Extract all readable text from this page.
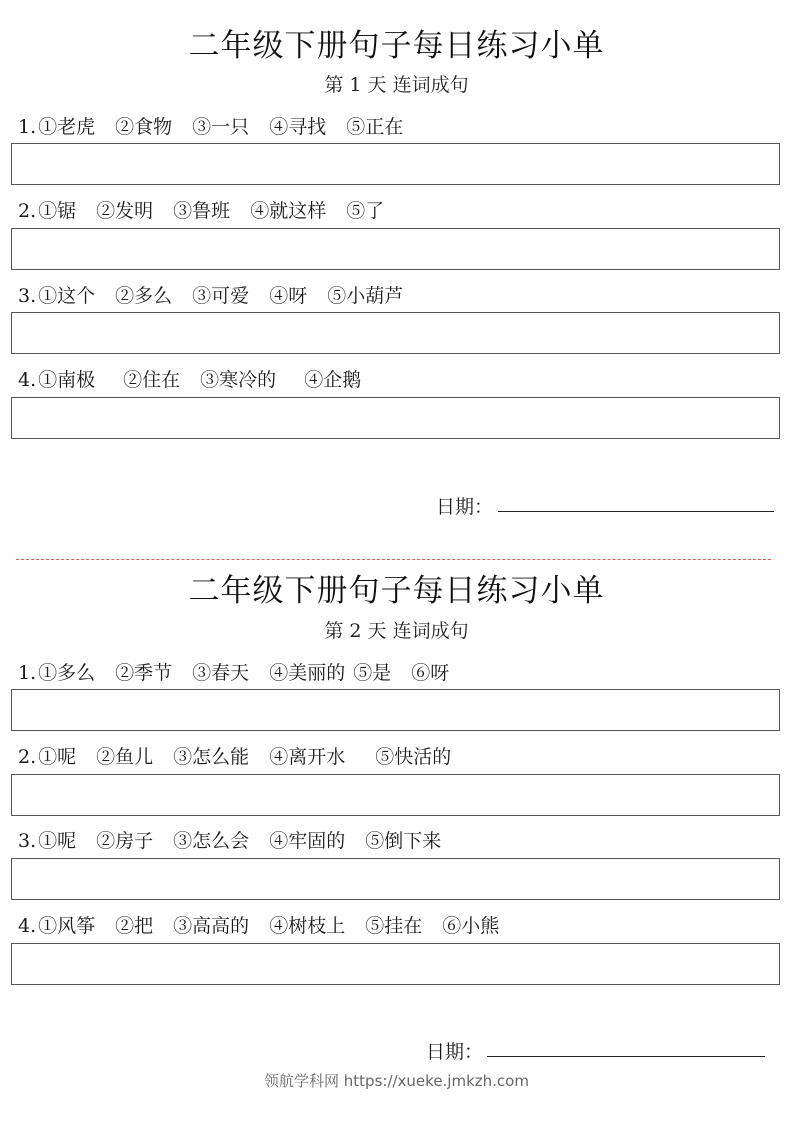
二年级下册句子每日练习小单
第 1 天 连词成句
1. ①老虎 ②食物 ③一只 ④寻找 ⑤正在
2. ①锯 ②发明 ③鲁班 ④就这样 ⑤了
3. ①这个 ②多么 ③可爱 ④呀 ⑤小葫芦
4. ①南极 ②住在 ③寒冷的 ④企鹅
日期：
二年级下册句子每日练习小单
第 2 天 连词成句
1. ①多么 ②季节 ③春天 ④美丽的 ⑤是 ⑥呀
2. ①呢 ②鱼儿 ③怎么能 ④离开水 ⑤快活的
3. ①呢 ②房子 ③怎么会 ④牢固的 ⑤倒下来
4. ①风筝 ②把 ③高高的 ④树枝上 ⑤挂在 ⑥小熊
日期：
领航学科网 https://xueke.jmkzh.com
